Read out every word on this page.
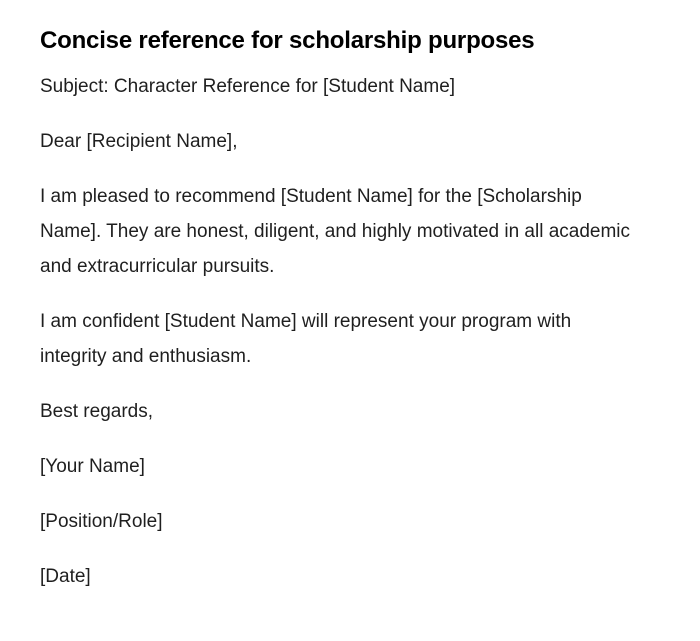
Concise reference for scholarship purposes

Subject: Character Reference for [Student Name]

Dear [Recipient Name],

I am pleased to recommend [Student Name] for the [Scholarship Name]. They are honest, diligent, and highly motivated in all academic and extracurricular pursuits.

I am confident [Student Name] will represent your program with integrity and enthusiasm.

Best regards,

[Your Name]

[Position/Role]

[Date]
